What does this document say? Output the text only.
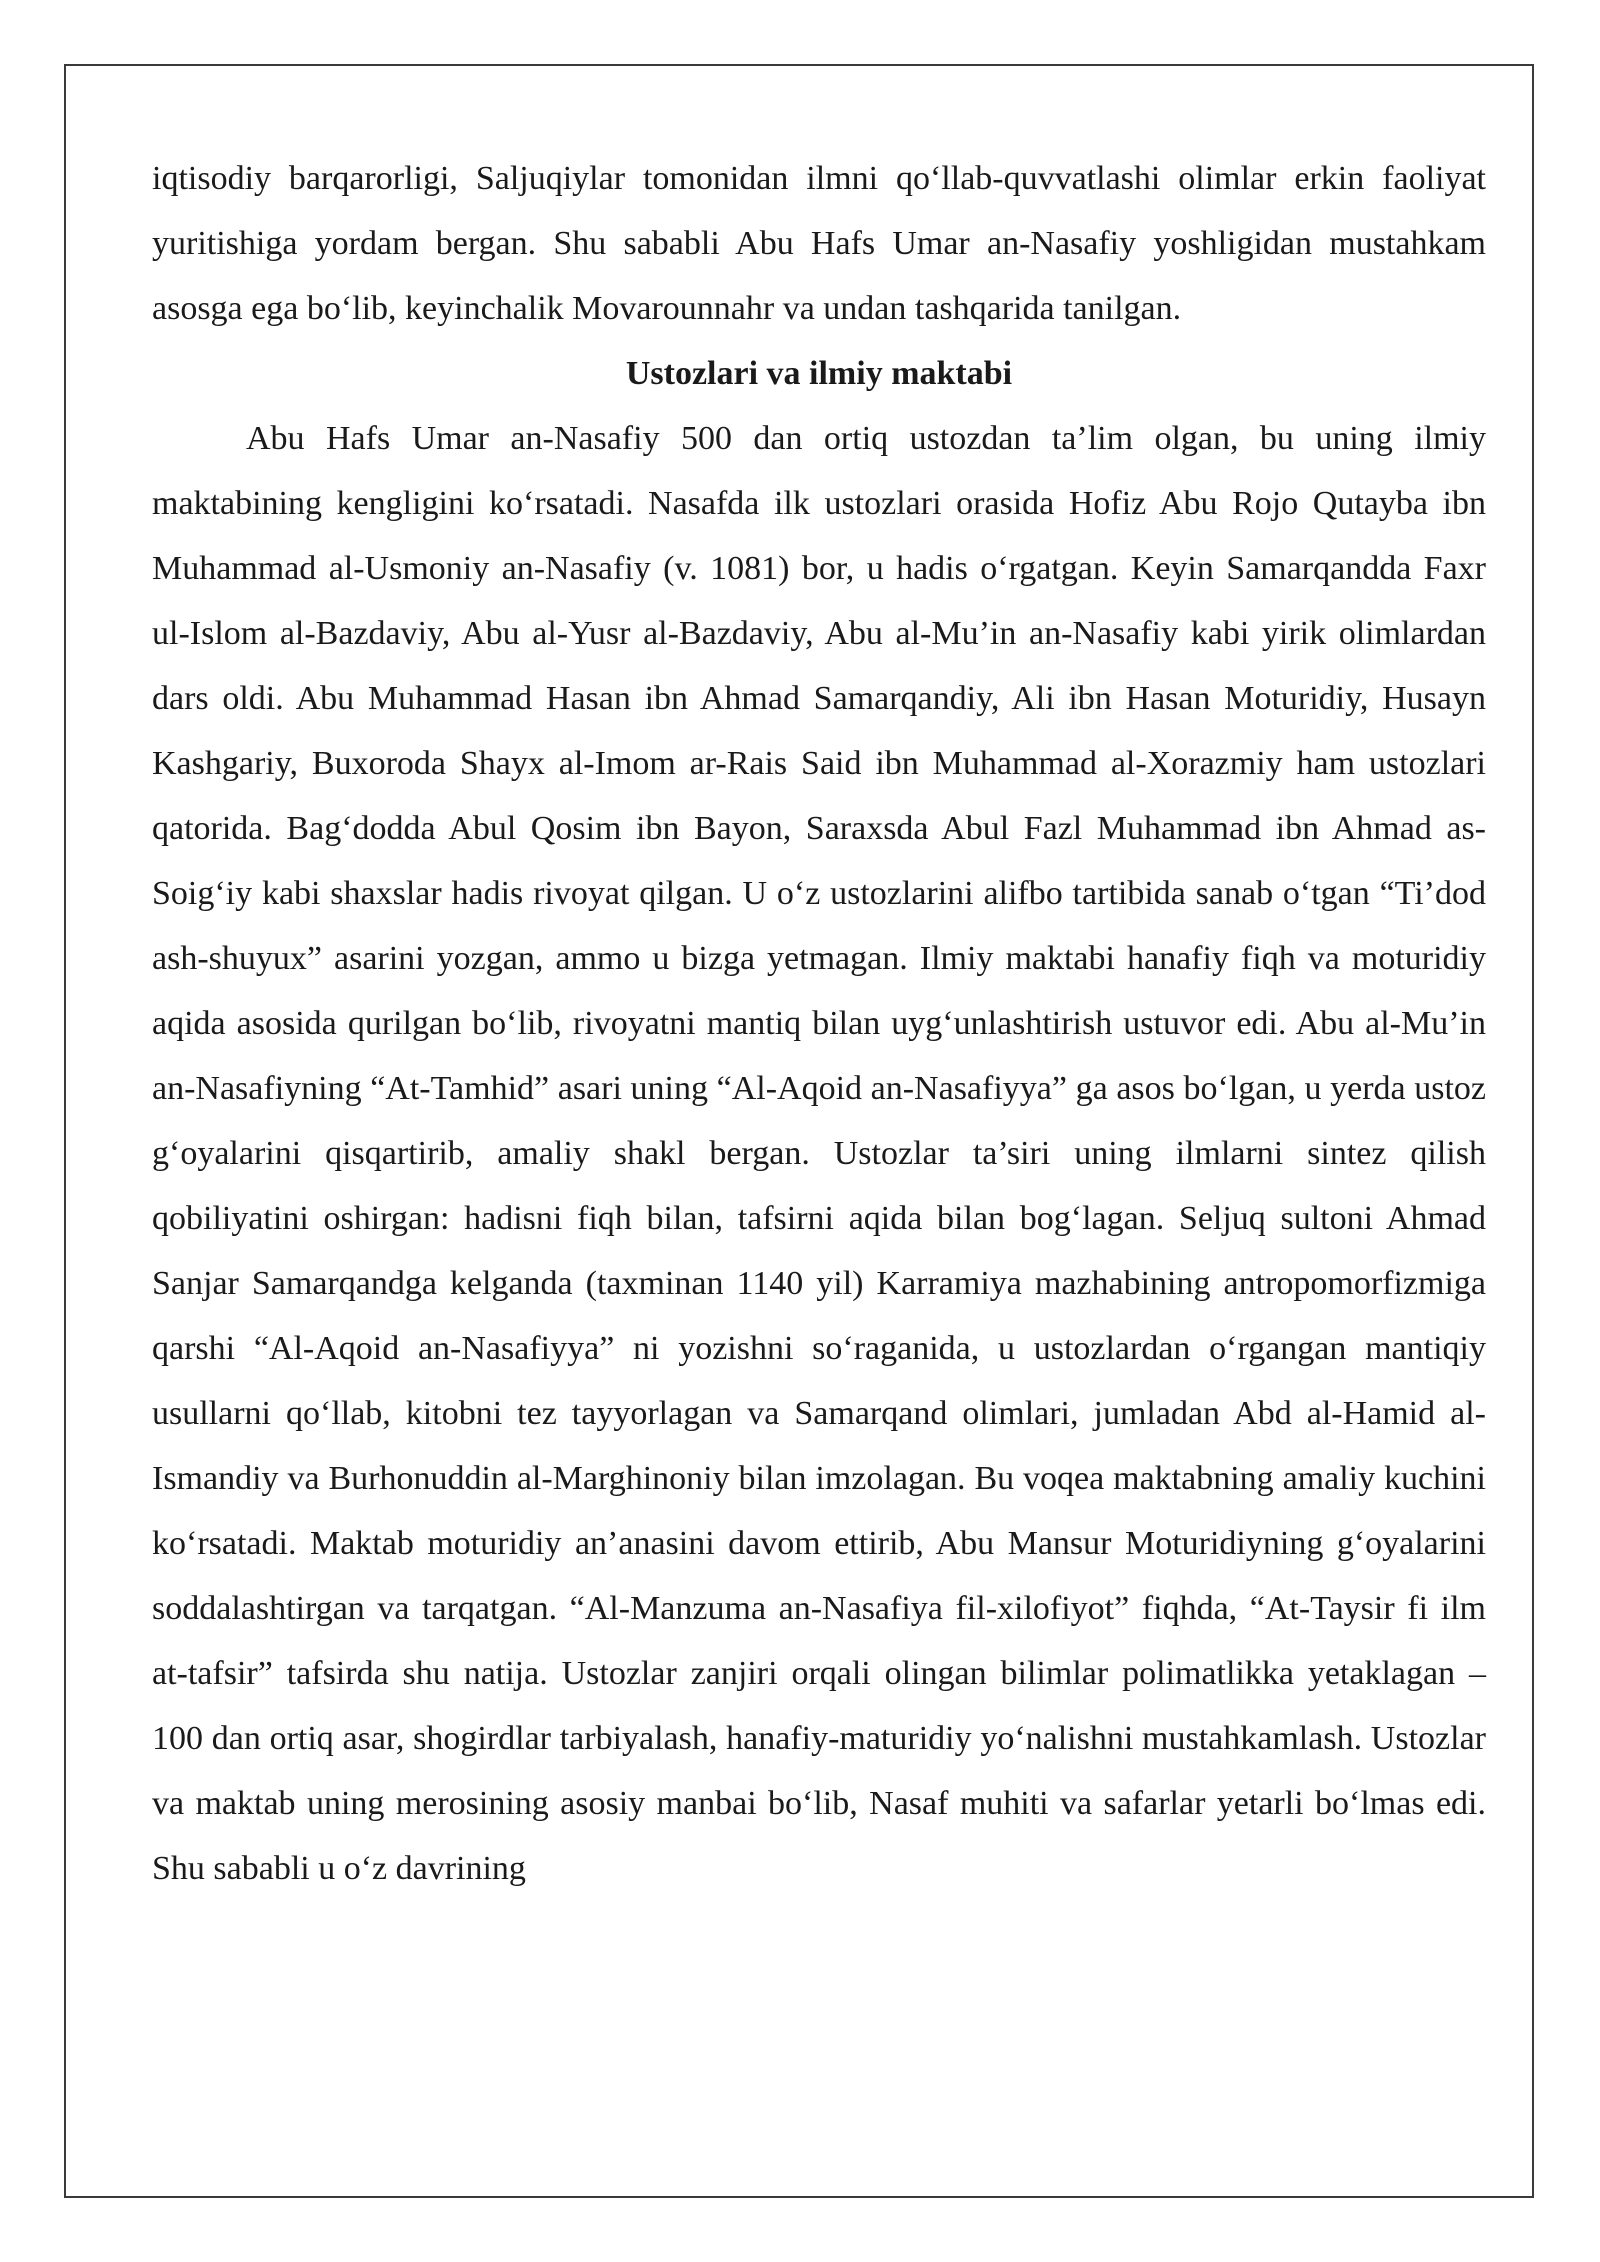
iqtisodiy barqarorligi, Saljuqiylar tomonidan ilmni qo‘llab-quvvatlashi olimlar erkin faoliyat yuritishiga yordam bergan. Shu sababli Abu Hafs Umar an-Nasafiy yoshligidan mustahkam asosga ega bo‘lib, keyinchalik Movarounnahr va undan tashqarida tanilgan.

Ustozlari va ilmiy maktabi

Abu Hafs Umar an-Nasafiy 500 dan ortiq ustozdan ta’lim olgan, bu uning ilmiy maktabining kengligini ko‘rsatadi. Nasafda ilk ustozlari orasida Hofiz Abu Rojo Qutayba ibn Muhammad al-Usmoniy an-Nasafiy (v. 1081) bor, u hadis o‘rgatgan. Keyin Samarqandda Faxr ul-Islom al-Bazdaviy, Abu al-Yusr al-Bazdaviy, Abu al-Mu’in an-Nasafiy kabi yirik olimlardan dars oldi. Abu Muhammad Hasan ibn Ahmad Samarqandiy, Ali ibn Hasan Moturidiy, Husayn Kashgariy, Buxoroda Shayx al-Imom ar-Rais Said ibn Muhammad al-Xorazmiy ham ustozlari qatorida. Bag‘dodda Abul Qosim ibn Bayon, Saraxsda Abul Fazl Muhammad ibn Ahmad as-Soig‘iy kabi shaxslar hadis rivoyat qilgan. U o‘z ustozlarini alifbo tartibida sanab o‘tgan “Ti’dod ash-shuyux” asarini yozgan, ammo u bizga yetmagan. Ilmiy maktabi hanafiy fiqh va moturidiy aqida asosida qurilgan bo‘lib, rivoyatni mantiq bilan uyg‘unlashtirish ustuvor edi. Abu al-Mu’in an-Nasafiyning “At-Tamhid” asari uning “Al-Aqoid an-Nasafiyya” ga asos bo‘lgan, u yerda ustoz g‘oyalarini qisqartirib, amaliy shakl bergan. Ustozlar ta’siri uning ilmlarni sintez qilish qobiliyatini oshirgan: hadisni fiqh bilan, tafsirni aqida bilan bog‘lagan. Seljuq sultoni Ahmad Sanjar Samarqandga kelganda (taxminan 1140 yil) Karramiya mazhabining antropomorfizmiga qarshi “Al-Aqoid an-Nasafiyya” ni yozishni so‘raganida, u ustozlardan o‘rgangan mantiqiy usullarni qo‘llab, kitobni tez tayyorlagan va Samarqand olimlari, jumladan Abd al-Hamid al-Ismandiy va Burhonuddin al-Marghinoniy bilan imzolagan. Bu voqea maktabning amaliy kuchini ko‘rsatadi. Maktab moturidiy an’anasini davom ettirib, Abu Mansur Moturidiyning g‘oyalarini soddalashtirgan va tarqatgan. “Al-Manzuma an-Nasafiya fil-xilofiyot” fiqhda, “At-Taysir fi ilm at-tafsir” tafsirda shu natija. Ustozlar zanjiri orqali olingan bilimlar polimatlikka yetaklagan – 100 dan ortiq asar, shogirdlar tarbiyalash, hanafiy-maturidiy yo‘nalishni mustahkamlash. Ustozlar va maktab uning merosining asosiy manbai bo‘lib, Nasaf muhiti va safarlar yetarli bo‘lmas edi. Shu sababli u o‘z davrining
